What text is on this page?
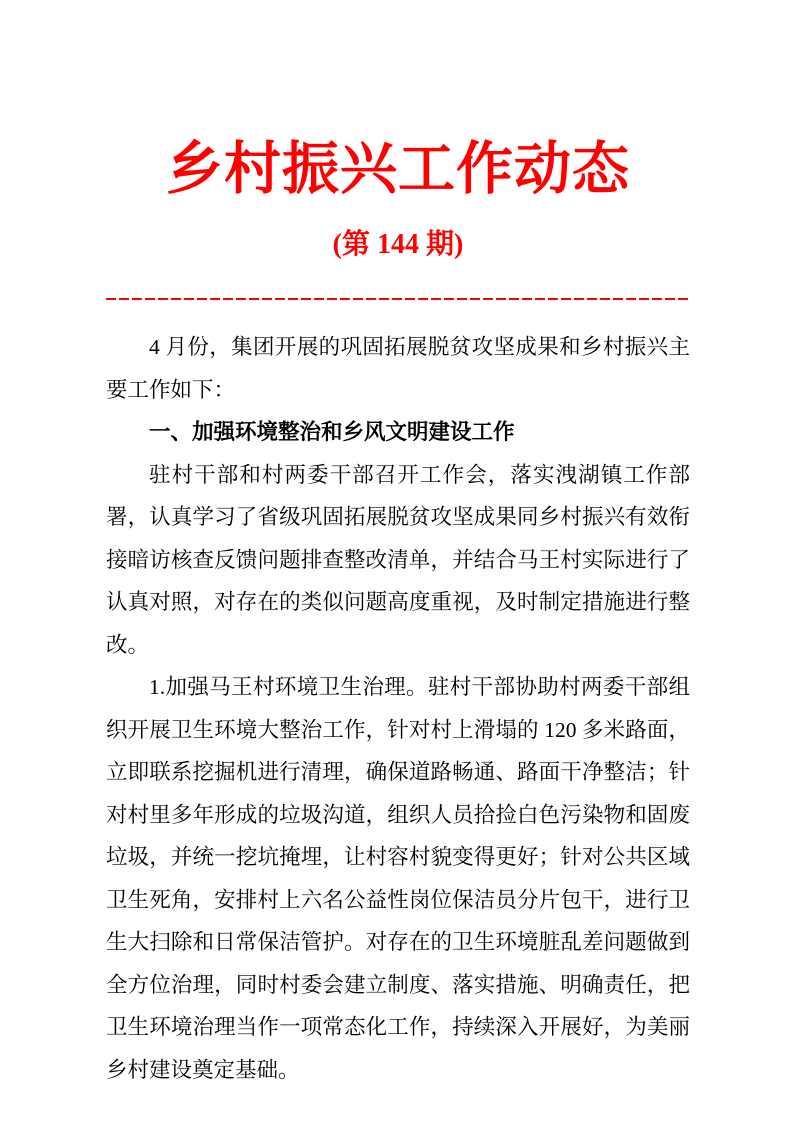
乡村振兴工作动态
(第 144 期)

4 月份，集团开展的巩固拓展脱贫攻坚成果和乡村振兴主要工作如下：

一、加强环境整治和乡风文明建设工作

驻村干部和村两委干部召开工作会，落实洩湖镇工作部署，认真学习了省级巩固拓展脱贫攻坚成果同乡村振兴有效衔接暗访核查反馈问题排查整改清单，并结合马王村实际进行了认真对照，对存在的类似问题高度重视，及时制定措施进行整改。

1.加强马王村环境卫生治理。驻村干部协助村两委干部组织开展卫生环境大整治工作，针对村上滑塌的 120 多米路面，立即联系挖掘机进行清理，确保道路畅通、路面干净整洁；针对村里多年形成的垃圾沟道，组织人员拾捡白色污染物和固废垃圾，并统一挖坑掩埋，让村容村貌变得更好；针对公共区域卫生死角，安排村上六名公益性岗位保洁员分片包干，进行卫生大扫除和日常保洁管护。对存在的卫生环境脏乱差问题做到全方位治理，同时村委会建立制度、落实措施、明确责任，把卫生环境治理当作一项常态化工作，持续深入开展好，为美丽乡村建设奠定基础。
